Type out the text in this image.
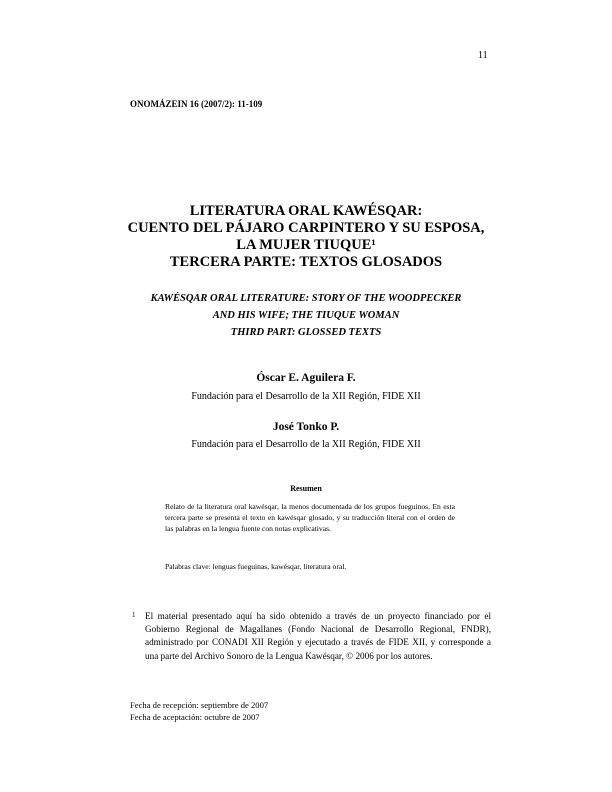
11
ONOMÁZEIN 16 (2007/2): 11-109
LITERATURA ORAL KAWÉSQAR:
CUENTO DEL PÁJARO CARPINTERO Y SU ESPOSA,
LA MUJER TIUQUE¹
TERCERA PARTE: TEXTOS GLOSADOS
KAWÉSQAR ORAL LITERATURE: STORY OF THE WOODPECKER
AND HIS WIFE; THE TIUQUE WOMAN
THIRD PART: GLOSSED TEXTS
Óscar E. Aguilera F.
Fundación para el Desarrollo de la XII Región, FIDE XII
José Tonko P.
Fundación para el Desarrollo de la XII Región, FIDE XII
Resumen
Relato de la literatura oral kawésqar, la menos documentada de los grupos fueguinos. En esta tercera parte se presenta el texto en kawésqar glosado, y su traducción literal con el orden de las palabras en la lengua fuente con notas explicativas.
Palabras clave: lenguas fueguinas, kawésqar, literatura oral.
1 El material presentado aquí ha sido obtenido a través de un proyecto financiado por el Gobierno Regional de Magallanes (Fondo Nacional de Desarrollo Regional, FNDR), administrado por CONADI XII Región y ejecutado a través de FIDE XII, y corresponde a una parte del Archivo Sonoro de la Lengua Kawésqar, © 2006 por los autores.
Fecha de recepción: septiembre de 2007
Fecha de aceptación: octubre de 2007
